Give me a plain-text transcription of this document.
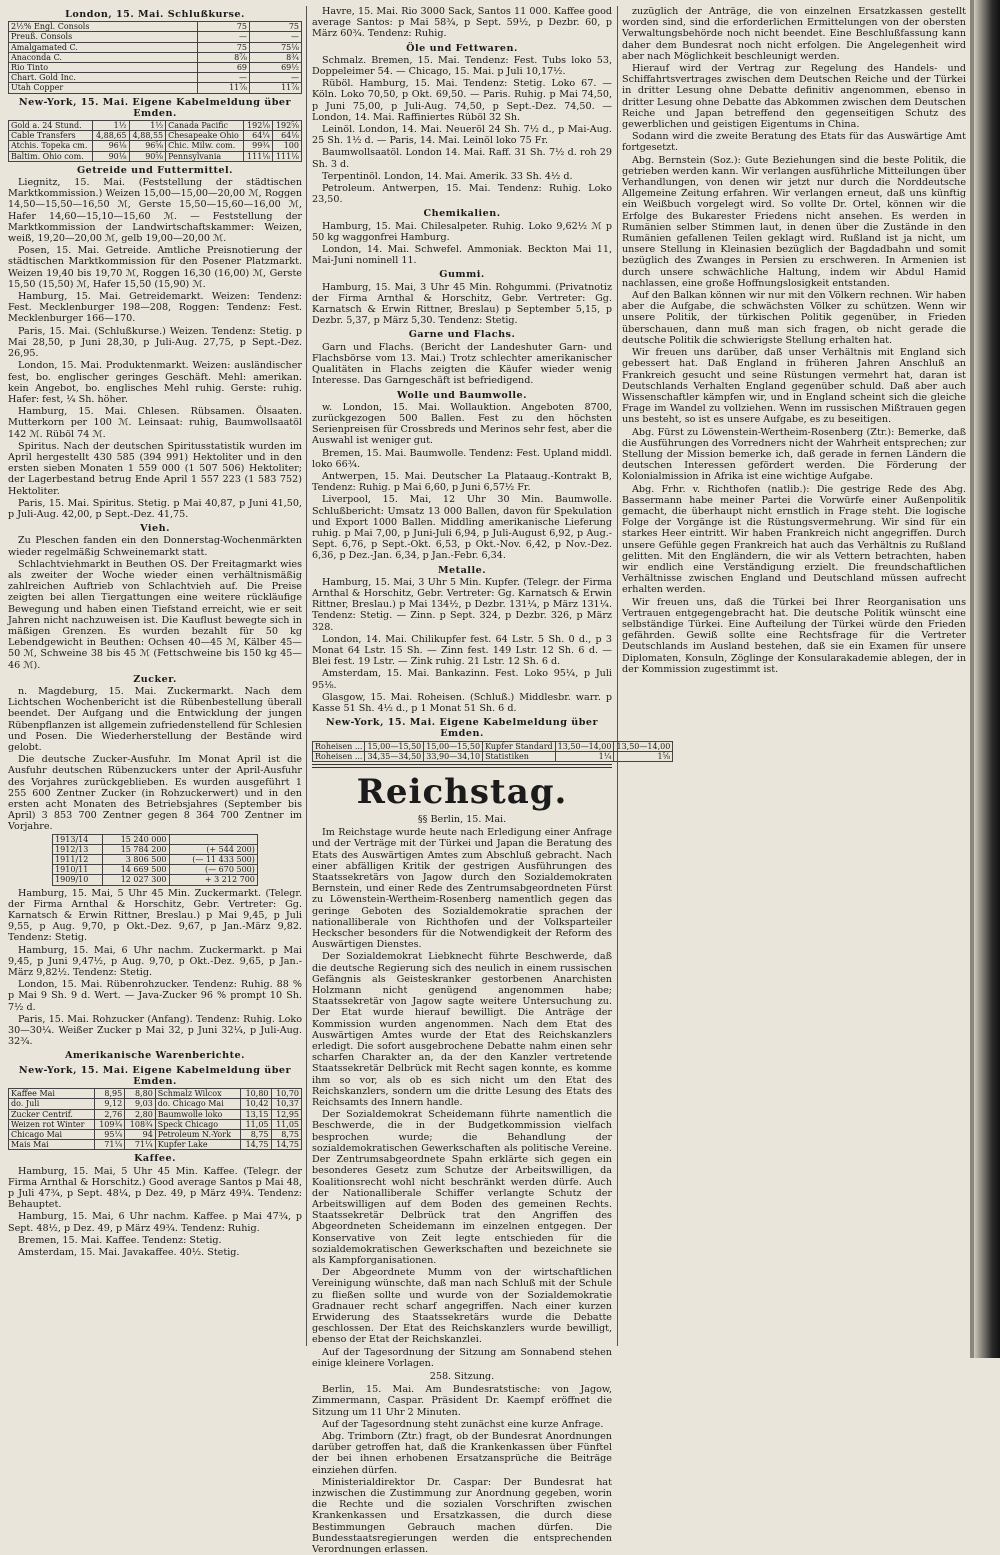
London, 15. Mai. Schlußkurse.
2½% Engl. Consols	75	75
Preuß. Consols	—	—
Amalgamated C.	75	75⅛
Anaconda C.	8⅞	8¾
Rio Tinto	69	69½
Chart. Gold Inc.	—	—
Utah Copper	11⅞	11⅞
New-York, 15. Mai. Eigene Kabelmeldung über Emden.
Gold a. 24 Stund.	1½	1½	Canada Pacific	192⅛	192⅝
Cable Transfers	4,88,65	4,88,55	Chesapeake Ohio	64¼	64⅛
Atchis. Topeka cm.	96⅛	96⅝	Chic. Milw. com.	99¾	100
Baltim. Ohio com.	90⅛	90⅝	Pennsylvania	111⅛	111⅛
Getreide und Futtermittel.

Liegnitz, 15. Mai. (Feststellung der städtischen Marktkommission.) Weizen 15,00—15,00—20,00 ℳ, Roggen 14,50—15,50—16,50 ℳ, Gerste 15,50—15,60—16,00 ℳ, Hafer 14,60—15,10—15,60 ℳ. — Feststellung der Marktkommission der Landwirtschaftskammer: Weizen, weiß, 19,20—20,00 ℳ, gelb 19,00—20,00 ℳ.

Posen, 15. Mai. Getreide. Amtliche Preisnotierung der städtischen Marktkommission für den Posener Platzmarkt. Weizen 19,40 bis 19,70 ℳ, Roggen 16,30 (16,00) ℳ, Gerste 15,50 (15,50) ℳ, Hafer 15,50 (15,90) ℳ.

Hamburg, 15. Mai. Getreidemarkt. Weizen: Tendenz: Fest. Mecklenburger 198—208, Roggen: Tendenz: Fest. Mecklenburger 166—170.

Paris, 15. Mai. (Schlußkurse.) Weizen. Tendenz: Stetig. p Mai 28,50, p Juni 28,30, p Juli-Aug. 27,75, p Sept.-Dez. 26,95.

London, 15. Mai. Produktenmarkt. Weizen: ausländischer fest, bo. englischer geringes Geschäft. Mehl: amerikan. kein Angebot, bo. englisches Mehl ruhig. Gerste: ruhig. Hafer: fest, ¼ Sh. höher.

Hamburg, 15. Mai. Chlesen. Rübsamen. Ölsaaten. Mutterkorn per 100 ℳ. Leinsaat: ruhig, Baumwollsaatöl 142 ℳ. Rüböl 74 ℳ.

Spiritus. Nach der deutschen Spiritusstatistik wurden im April hergestellt 430 585 (394 991) Hektoliter und in den ersten sieben Monaten 1 559 000 (1 507 506) Hektoliter; der Lagerbestand betrug Ende April 1 557 223 (1 583 752) Hektoliter.

Paris, 15. Mai. Spiritus. Stetig. p Mai 40,87, p Juni 41,50, p Juli-Aug. 42,00, p Sept.-Dez. 41,75.

Vieh.

Zu Pleschen fanden ein den Donnerstag-Wochenmärkten wieder regelmäßig Schweinemarkt statt.

Schlachtviehmarkt in Beuthen OS. Der Freitagmarkt wies als zweiter der Woche wieder einen verhältnismäßig zahlreichen Auftrieb von Schlachtvieh auf. Die Preise zeigten bei allen Tiergattungen eine weitere rückläufige Bewegung und haben einen Tiefstand erreicht, wie er seit Jahren nicht nachzuweisen ist. Die Kauflust bewegte sich in mäßigen Grenzen. Es wurden bezahlt für 50 kg Lebendgewicht in Beuthen: Ochsen 40—45 ℳ, Kälber 45—50 ℳ, Schweine 38 bis 45 ℳ (Fettschweine bis 150 kg 45—46 ℳ).

Zucker.

n. Magdeburg, 15. Mai. Zuckermarkt. Nach dem Lichtschen Wochenbericht ist die Rübenbestellung überall beendet. Der Aufgang und die Entwicklung der jungen Rübenpflanzen ist allgemein zufriedenstellend für Schlesien und Posen. Die Wiederherstellung der Bestände wird gelobt.

Die deutsche Zucker-Ausfuhr. Im Monat April ist die Ausfuhr deutschen Rübenzuckers unter der April-Ausfuhr des Vorjahres zurückgeblieben. Es wurden ausgeführt 1 255 600 Zentner Zucker (in Rohzuckerwert) und in den ersten acht Monaten des Betriebsjahres (September bis April) 3 853 700 Zentner gegen 8 364 700 Zentner im Vorjahre.

1913/14	15 240 000	
1912/13	15 784 200	(+ 544 200)
1911/12	3 806 500	(— 11 433 500)
1910/11	14 669 500	(— 670 500)
1909/10	12 027 300	+ 3 212 700

Hamburg, 15. Mai, 5 Uhr 45 Min. Zuckermarkt. (Telegr. der Firma Arnthal & Horschitz, Gebr. Vertreter: Gg. Karnatsch & Erwin Rittner, Breslau.) p Mai 9,45, p Juli 9,55, p Aug. 9,70, p Okt.-Dez. 9,67, p Jan.-März 9,82. Tendenz: Stetig.

Hamburg, 15. Mai, 6 Uhr nachm. Zuckermarkt. p Mai 9,45, p Juni 9,47½, p Aug. 9,70, p Okt.-Dez. 9,65, p Jan.-März 9,82½. Tendenz: Stetig.

London, 15. Mai. Rübenrohzucker. Tendenz: Ruhig. 88 % p Mai 9 Sh. 9 d. Wert. — Java-Zucker 96 % prompt 10 Sh. 7½ d.

Paris, 15. Mai. Rohzucker (Anfang). Tendenz: Ruhig. Loko 30—30¼. Weißer Zucker p Mai 32, p Juni 32¼, p Juli-Aug. 32¾.

Amerikanische Warenberichte.
New-York, 15. Mai. Eigene Kabelmeldung über Emden.
Kaffee Mai	8,95	8,80	Schmalz Wilcox	10,80	10,70
do. Juli	9,12	9,03	do. Chicago Mai	10,42	10,37
Zucker Centrif.	2,76	2,80	Baumwolle loko	13,15	12,95
Weizen rot Winter	109¾	108¾	Speck Chicago	11,05	11,05
Chicago Mai	95¼	94	Petroleum N.-York	8,75	8,75
Mais Mai	71¼	71¼	Kupfer Lake	14,75	14,75
Kaffee.

Hamburg, 15. Mai, 5 Uhr 45 Min. Kaffee. (Telegr. der Firma Arnthal & Horschitz.) Good average Santos p Mai 48, p Juli 47¾, p Sept. 48¼, p Dez. 49, p März 49¾. Tendenz: Behauptet.

Hamburg, 15. Mai, 6 Uhr nachm. Kaffee. p Mai 47¾, p Sept. 48½, p Dez. 49, p März 49¾. Tendenz: Ruhig.

Bremen, 15. Mai. Kaffee. Tendenz: Stetig.

Amsterdam, 15. Mai. Javakaffee. 40½. Stetig.

Havre, 15. Mai. Rio 3000 Sack, Santos 11 000. Kaffee good average Santos: p Mai 58¾, p Sept. 59½, p Dezbr. 60, p März 60¾. Tendenz: Ruhig.

Öle und Fettwaren.

Schmalz. Bremen, 15. Mai. Tendenz: Fest. Tubs loko 53, Doppeleimer 54. — Chicago, 15. Mai. p Juli 10,17½.

Rüböl. Hamburg, 15. Mai. Tendenz: Stetig. Loko 67. — Köln. Loko 70,50, p Okt. 69,50. — Paris. Ruhig. p Mai 74,50, p Juni 75,00, p Juli-Aug. 74,50, p Sept.-Dez. 74,50. — London, 14. Mai. Raffiniertes Rüböl 32 Sh.

Leinöl. London, 14. Mai. Neueröl 24 Sh. 7½ d., p Mai-Aug. 25 Sh. 1½ d. — Paris, 14. Mai. Leinöl loko 75 Fr.

Baumwollsaatöl. London 14. Mai. Raff. 31 Sh. 7½ d. roh 29 Sh. 3 d.

Terpentinöl. London, 14. Mai. Amerik. 33 Sh. 4½ d.

Petroleum. Antwerpen, 15. Mai. Tendenz: Ruhig. Loko 23,50.

Chemikalien.

Hamburg, 15. Mai. Chilesalpeter. Ruhig. Loko 9,62½ ℳ p 50 kg waggonfrei Hamburg.

London, 14. Mai. Schwefel. Ammoniak. Beckton Mai 11, Mai-Juni nominell 11.

Gummi.

Hamburg, 15. Mai, 3 Uhr 45 Min. Rohgummi. (Privatnotiz der Firma Arnthal & Horschitz, Gebr. Vertreter: Gg. Karnatsch & Erwin Rittner, Breslau) p September 5,15, p Dezbr. 5,37, p März 5,30. Tendenz: Stetig.

Garne und Flachs.

Garn und Flachs. (Bericht der Landeshuter Garn- und Flachsbörse vom 13. Mai.) Trotz schlechter amerikanischer Qualitäten in Flachs zeigten die Käufer wieder wenig Interesse. Das Garngeschäft ist befriedigend.

Wolle und Baumwolle.

w. London, 15. Mai. Wollauktion. Angeboten 8700, zurückgezogen 500 Ballen. Fest zu den höchsten Serienpreisen für Crossbreds und Merinos sehr fest, aber die Auswahl ist weniger gut.

Bremen, 15. Mai. Baumwolle. Tendenz: Fest. Upland middl. loko 66¾.

Antwerpen, 15. Mai. Deutscher La Plataaug.-Kontrakt B, Tendenz: Ruhig. p Mai 6,60, p Juni 6,57½ Fr.

Liverpool, 15. Mai, 12 Uhr 30 Min. Baumwolle. Schlußbericht: Umsatz 13 000 Ballen, davon für Spekulation und Export 1000 Ballen. Middling amerikanische Lieferung ruhig. p Mai 7,00, p Juni-Juli 6,94, p Juli-August 6,92, p Aug.-Sept. 6,76, p Sept.-Okt. 6,53, p Okt.-Nov. 6,42, p Nov.-Dez. 6,36, p Dez.-Jan. 6,34, p Jan.-Febr. 6,34.

Metalle.

Hamburg, 15. Mai, 3 Uhr 5 Min. Kupfer. (Telegr. der Firma Arnthal & Horschitz, Gebr. Vertreter: Gg. Karnatsch & Erwin Rittner, Breslau.) p Mai 134½, p Dezbr. 131¼, p März 131¼. Tendenz: Stetig. — Zinn. p Sept. 324, p Dezbr. 326, p März 328.

London, 14. Mai. Chilikupfer fest. 64 Lstr. 5 Sh. 0 d., p 3 Monat 64 Lstr. 15 Sh. — Zinn fest. 149 Lstr. 12 Sh. 6 d. — Blei fest. 19 Lstr. — Zink ruhig. 21 Lstr. 12 Sh. 6 d.

Amsterdam, 15. Mai. Bankazinn. Fest. Loko 95¼, p Juli 95⅛.

Glasgow, 15. Mai. Roheisen. (Schluß.) Middlesbr. warr. p Kasse 51 Sh. 4½ d., p 1 Monat 51 Sh. 6 d.

New-York, 15. Mai. Eigene Kabelmeldung über Emden.
Roheisen ...	15,00—15,50	15,00—15,50	Kupfer Standard	13,50—14,00	13,50—14,00
Roheisen ...	34,35—34,50	33,90—34,10	Statistiken	1¼	1⅝
Reichstag.
§§ Berlin, 15. Mai.

Im Reichstage wurde heute nach Erledigung einer Anfrage und der Verträge mit der Türkei und Japan die Beratung des Etats des Auswärtigen Amtes zum Abschluß gebracht. Nach einer abfälligen Kritik der gestrigen Ausführungen des Staatssekretärs von Jagow durch den Sozialdemokraten Bernstein, und einer Rede des Zentrumsabgeordneten Fürst zu Löwenstein-Wertheim-Rosenberg namentlich gegen das geringe Geboten des Sozialdemokratie sprachen der nationalliberale von Richthofen und der Volksparteiler Heckscher besonders für die Notwendigkeit der Reform des Auswärtigen Dienstes.

Der Sozialdemokrat Liebknecht führte Beschwerde, daß die deutsche Regierung sich des neulich in einem russischen Gefängnis als Geisteskranker gestorbenen Anarchisten Holzmann nicht genügend angenommen habe; Staatssekretär von Jagow sagte weitere Untersuchung zu. Der Etat wurde hierauf bewilligt. Die Anträge der Kommission wurden angenommen. Nach dem Etat des Auswärtigen Amtes wurde der Etat des Reichskanzlers erledigt. Die sofort ausgebrochene Debatte nahm einen sehr scharfen Charakter an, da der den Kanzler vertretende Staatssekretär Delbrück mit Recht sagen konnte, es komme ihm so vor, als ob es sich nicht um den Etat des Reichskanzlers, sondern um die dritte Lesung des Etats des Reichsamts des Innern handle.

Der Sozialdemokrat Scheidemann führte namentlich die Beschwerde, die in der Budgetkommission vielfach besprochen wurde; die Behandlung der sozialdemokratischen Gewerkschaften als politische Vereine. Der Zentrumsabgeordnete Spahn erklärte sich gegen ein besonderes Gesetz zum Schutze der Arbeitswilligen, da Koalitionsrecht wohl nicht beschränkt werden dürfe. Auch der Nationalliberale Schiffer verlangte Schutz der Arbeitswilligen auf dem Boden des gemeinen Rechts. Staatssekretär Delbrück trat den Angriffen des Abgeordneten Scheidemann im einzelnen entgegen. Der Konservative von Zeit legte entschieden für die sozialdemokratischen Gewerkschaften und bezeichnete sie als Kampforganisationen.

Der Abgeordnete Mumm von der wirtschaftlichen Vereinigung wünschte, daß man nach Schluß mit der Schule zu fließen sollte und wurde von der Sozialdemokratie Gradnauer recht scharf angegriffen. Nach einer kurzen Erwiderung des Staatssekretärs wurde die Debatte geschlossen. Der Etat des Reichskanzlers wurde bewilligt, ebenso der Etat der Reichskanzlei.

Auf der Tagesordnung der Sitzung am Sonnabend stehen einige kleinere Vorlagen.

258. Sitzung.

Berlin, 15. Mai. Am Bundesratstische: von Jagow, Zimmermann, Caspar. Präsident Dr. Kaempf eröffnet die Sitzung um 11 Uhr 2 Minuten.

Auf der Tagesordnung steht zunächst eine kurze Anfrage.

Abg. Trimborn (Ztr.) fragt, ob der Bundesrat Anordnungen darüber getroffen hat, daß die Krankenkassen über Fünftel der bei ihnen erhobenen Ersatzansprüche die Beiträge einziehen dürfen.

Ministerialdirektor Dr. Caspar: Der Bundesrat hat inzwischen die Zustimmung zur Anordnung gegeben, worin die Rechte und die sozialen Vorschriften zwischen Krankenkassen und Ersatzkassen, die durch diese Bestimmungen Gebrauch machen dürfen. Die Bundesstaatsregierungen werden die entsprechenden Verordnungen erlassen.

zuzüglich der Anträge, die von einzelnen Ersatzkassen gestellt worden sind, sind die erforderlichen Ermittelungen von der obersten Verwaltungsbehörde noch nicht beendet. Eine Beschlußfassung kann daher dem Bundesrat noch nicht erfolgen. Die Angelegenheit wird aber nach Möglichkeit beschleunigt werden.

Hierauf wird der Vertrag zur Regelung des Handels- und Schiffahrtsvertrages zwischen dem Deutschen Reiche und der Türkei in dritter Lesung ohne Debatte definitiv angenommen, ebenso in dritter Lesung ohne Debatte das Abkommen zwischen dem Deutschen Reiche und Japan betreffend den gegenseitigen Schutz des gewerblichen und geistigen Eigentums in China.

Sodann wird die zweite Beratung des Etats für das Auswärtige Amt fortgesetzt.

Abg. Bernstein (Soz.): Gute Beziehungen sind die beste Politik, die getrieben werden kann. Wir verlangen ausführliche Mitteilungen über Verhandlungen, von denen wir jetzt nur durch die Norddeutsche Allgemeine Zeitung erfahren. Wir verlangen erneut, daß uns künftig ein Weißbuch vorgelegt wird. So vollte Dr. Ortel, können wir die Erfolge des Bukarester Friedens nicht ansehen. Es werden in Rumänien selber Stimmen laut, in denen über die Zustände in den Rumänien gefallenen Teilen geklagt wird. Rußland ist ja nicht, um unsere Stellung in Kleinasien bezüglich der Bagdadbahn und somit bezüglich des Zwanges in Persien zu erschweren. In Armenien ist durch unsere schwächliche Haltung, indem wir Abdul Hamid nachlassen, eine große Hoffnungslosigkeit entstanden.

Auf den Balkan können wir nur mit den Völkern rechnen. Wir haben aber die Aufgabe, die schwächsten Völker zu schützen. Wenn wir unsere Politik, der türkischen Politik gegenüber, in Frieden überschauen, dann muß man sich fragen, ob nicht gerade die deutsche Politik die schwierigste Stellung erhalten hat.

Wir freuen uns darüber, daß unser Verhältnis mit England sich gebessert hat. Daß England in früheren Jahren Anschluß an Frankreich gesucht und seine Rüstungen vermehrt hat, daran ist Deutschlands Verhalten England gegenüber schuld. Daß aber auch Wissenschaftler kämpfen wir, und in England scheint sich die gleiche Frage im Wandel zu vollziehen. Wenn im russischen Mißtrauen gegen uns besteht, so ist es unsere Aufgabe, es zu beseitigen.

Abg. Fürst zu Löwenstein-Wertheim-Rosenberg (Ztr.): Bemerke, daß die Ausführungen des Vorredners nicht der Wahrheit entsprechen; zur Stellung der Mission bemerke ich, daß gerade in fernen Ländern die deutschen Interessen gefördert werden. Die Förderung der Kolonialmission in Afrika ist eine wichtige Aufgabe.

Abg. Frhr. v. Richthofen (natlib.): Die gestrige Rede des Abg. Bassermann habe meiner Partei die Vorwürfe einer Außenpolitik gemacht, die überhaupt nicht ernstlich in Frage steht. Die logische Folge der Vorgänge ist die Rüstungsvermehrung. Wir sind für ein starkes Heer eintritt. Wir haben Frankreich nicht angegriffen. Durch unsere Gefühle gegen Frankreich hat auch das Verhältnis zu Rußland gelitten. Mit den Engländern, die wir als Vettern betrachten, haben wir endlich eine Verständigung erzielt. Die freundschaftlichen Verhältnisse zwischen England und Deutschland müssen aufrecht erhalten werden.

Wir freuen uns, daß die Türkei bei Ihrer Reorganisation uns Vertrauen entgegengebracht hat. Die deutsche Politik wünscht eine selbständige Türkei. Eine Aufteilung der Türkei würde den Frieden gefährden. Gewiß sollte eine Rechtsfrage für die Vertreter Deutschlands im Ausland bestehen, daß sie ein Examen für unsere Diplomaten, Konsuln, Zöglinge der Konsularakademie ablegen, der in der Kommission zugestimmt ist.
